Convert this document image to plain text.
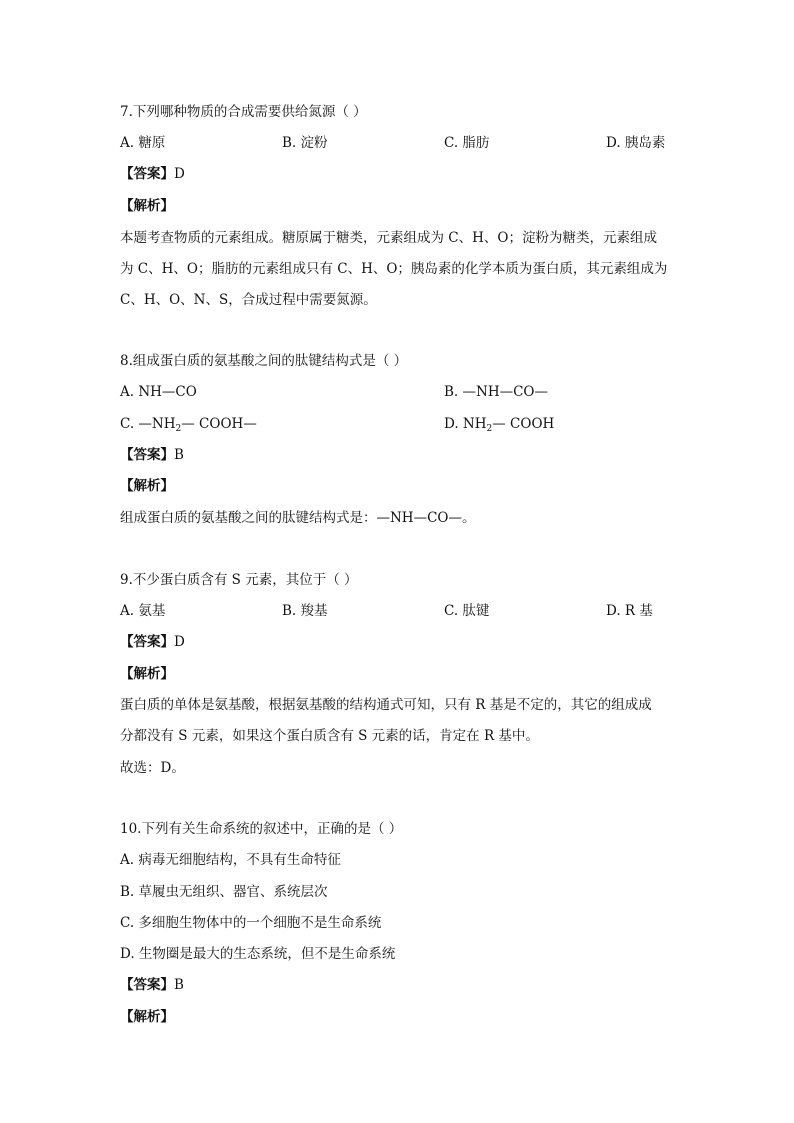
7.下列哪种物质的合成需要供给氮源（ ）
A. 糖原	B. 淀粉	C. 脂肪	D. 胰岛素
【答案】D
【解析】
本题考查物质的元素组成。糖原属于糖类，元素组成为 C、H、O；淀粉为糖类，元素组成
为 C、H、O；脂肪的元素组成只有 C、H、O；胰岛素的化学本质为蛋白质，其元素组成为
C、H、O、N、S，合成过程中需要氮源。
8.组成蛋白质的氨基酸之间的肽键结构式是（ ）
A. NH—CO	B. —NH—CO—
C. $—NH_2—$ COOH—	D. $NH_2—$ COOH
【答案】B
【解析】
组成蛋白质的氨基酸之间的肽键结构式是：—NH—CO—。
9.不少蛋白质含有 S 元素，其位于（ ）
A. 氨基	B. 羧基	C. 肽键	D. R 基
【答案】D
【解析】
蛋白质的单体是氨基酸，根据氨基酸的结构通式可知，只有 R 基是不定的，其它的组成成
分都没有 S 元素，如果这个蛋白质含有 S 元素的话，肯定在 R 基中。
故选：D。
10.下列有关生命系统的叙述中，正确的是（ ）
A. 病毒无细胞结构，不具有生命特征
B. 草履虫无组织、器官、系统层次
C. 多细胞生物体中的一个细胞不是生命系统
D. 生物圈是最大的生态系统，但不是生命系统
【答案】B
【解析】
